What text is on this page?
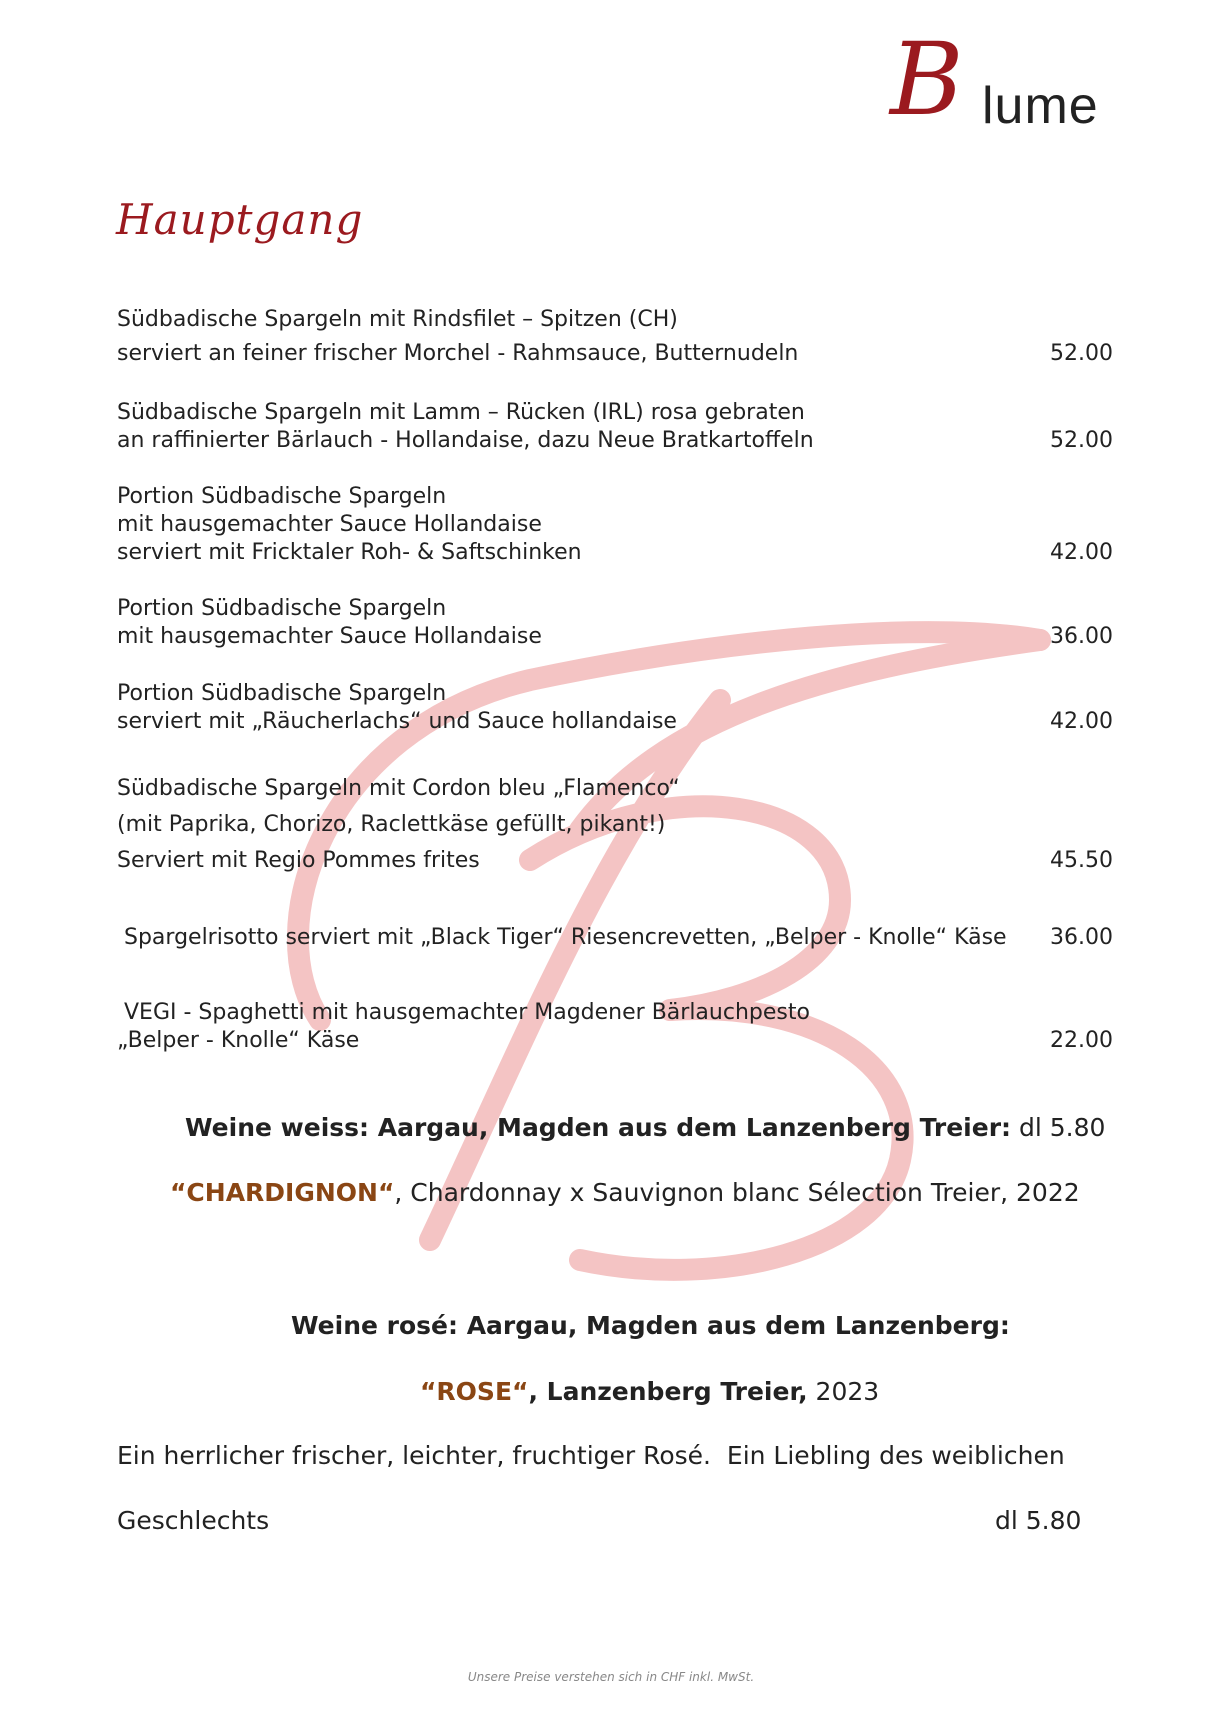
B lume
Hauptgang
Südbadische Spargeln mit Rindsfilet – Spitzen (CH)
serviert an feiner frischer Morchel - Rahmsauce, Butternudeln	52.00
Südbadische Spargeln mit Lamm – Rücken (IRL) rosa gebraten
an raffinierter Bärlauch - Hollandaise, dazu Neue Bratkartoffeln	52.00
Portion Südbadische Spargeln
mit hausgemachter Sauce Hollandaise
serviert mit Fricktaler Roh- & Saftschinken	42.00
Portion Südbadische Spargeln
mit hausgemachter Sauce Hollandaise	36.00
Portion Südbadische Spargeln
serviert mit „Räucherlachs“ und Sauce hollandaise	42.00
Südbadische Spargeln mit Cordon bleu „Flamenco“
(mit Paprika, Chorizo, Raclettkäse gefüllt, pikant!)
Serviert mit Regio Pommes frites	45.50
Spargelrisotto serviert mit „Black Tiger“ Riesencrevetten, „Belper - Knolle“ Käse	36.00
VEGI - Spaghetti mit hausgemachter Magdener Bärlauchpesto
„Belper - Knolle“ Käse	22.00
Weine weiss: Aargau, Magden aus dem Lanzenberg Treier: dl 5.80
“CHARDIGNON“, Chardonnay x Sauvignon blanc Sélection Treier, 2022
Weine rosé: Aargau, Magden aus dem Lanzenberg:
“ROSE“, Lanzenberg Treier, 2023
Ein herrlicher frischer, leichter, fruchtiger Rosé.  Ein Liebling des weiblichen
Geschlechts	dl 5.80
Unsere Preise verstehen sich in CHF inkl. MwSt.
